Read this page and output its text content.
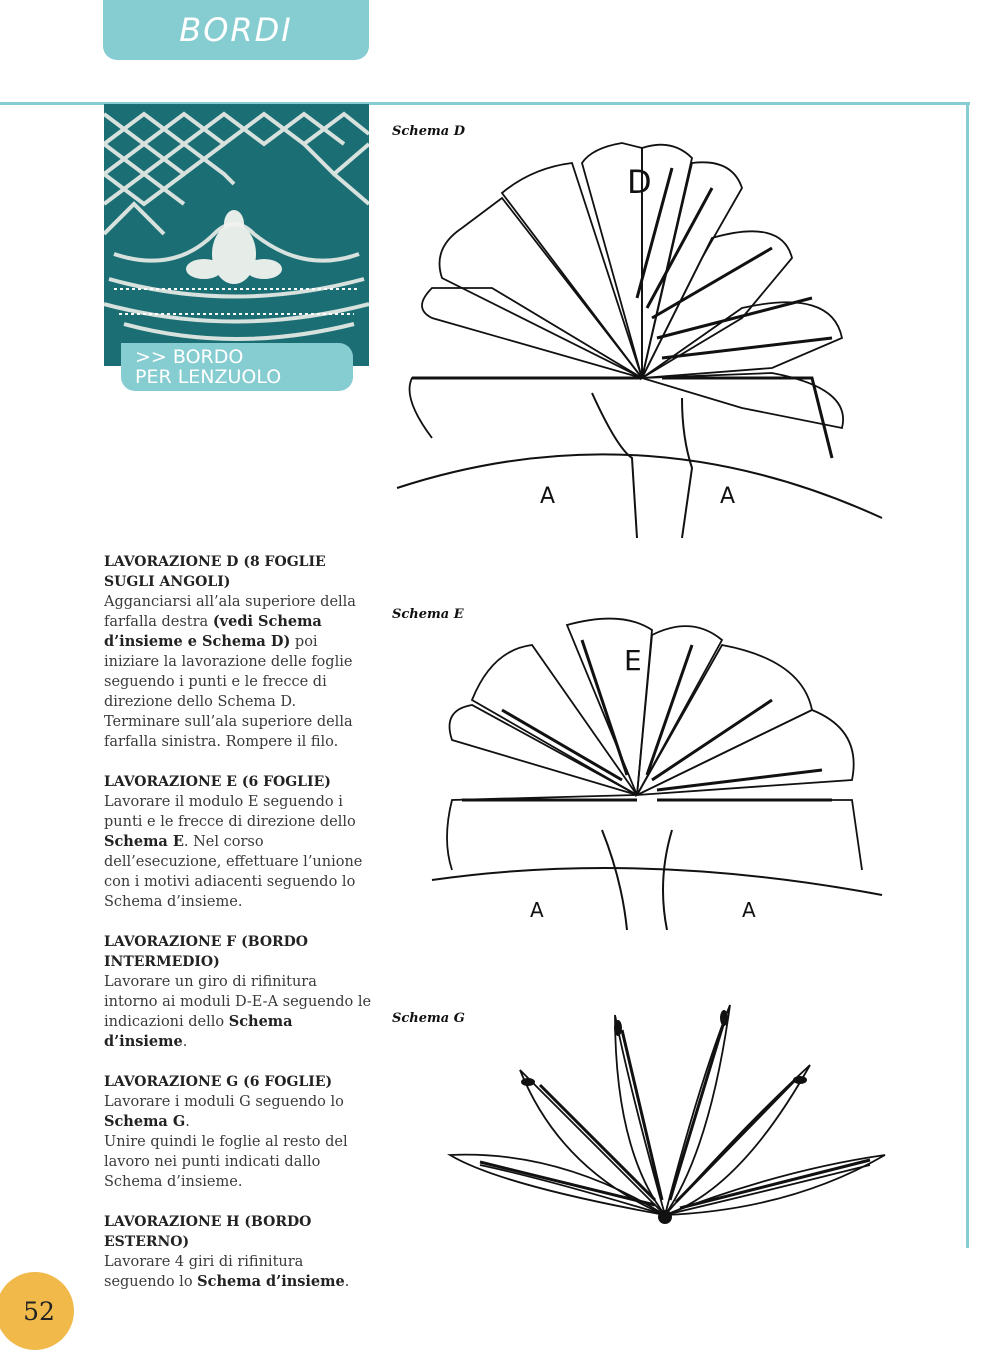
BORDI
>> BORDO
PER LENZUOLO
Schema D
D
A	A
Schema E
E
A	A
Schema G
LAVORAZIONE D (8 FOGLIE SUGLI ANGOLI)
Agganciarsi all’ala superiore della farfalla destra (vedi Schema d’insieme e Schema D) poi iniziare la lavorazione delle foglie seguendo i punti e le frecce di direzione dello Schema D. Terminare sull’ala superiore della farfalla sinistra. Rompere il filo.
LAVORAZIONE E (6 FOGLIE)
Lavorare il modulo E seguendo i punti e le frecce di direzione dello Schema E. Nel corso dell’esecuzione, effettuare l’unione con i motivi adiacenti seguendo lo Schema d’insieme.
LAVORAZIONE F (BORDO INTERMEDIO)
Lavorare un giro di rifinitura intorno ai moduli D-E-A seguendo le indicazioni dello Schema d’insieme.
LAVORAZIONE G (6 FOGLIE)
Lavorare i moduli G seguendo lo Schema G.
Unire quindi le foglie al resto del lavoro nei punti indicati dallo Schema d’insieme.
LAVORAZIONE H (BORDO ESTERNO)
Lavorare 4 giri di rifinitura seguendo lo Schema d’insieme.
52
